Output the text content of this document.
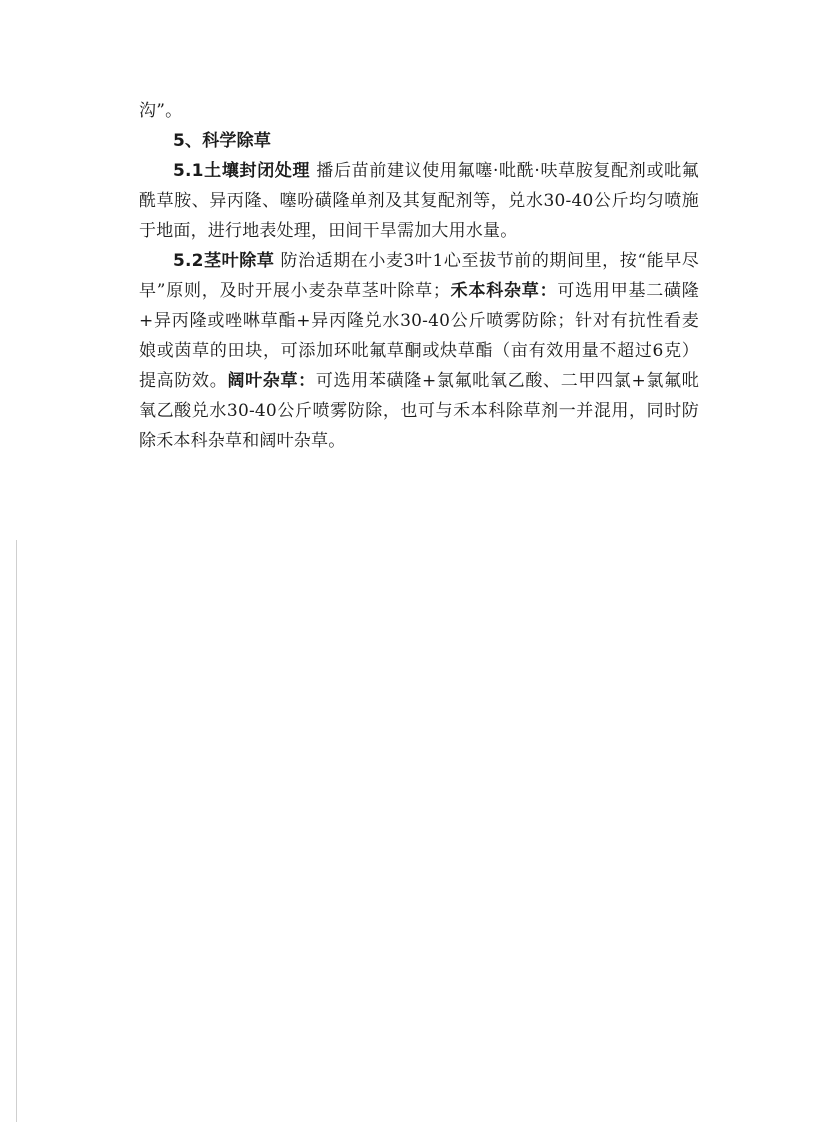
沟”。

5、科学除草

5.1土壤封闭处理 播后苗前建议使用氟噻·吡酰·呋草胺复配剂或吡氟酰草胺、异丙隆、噻吩磺隆单剂及其复配剂等，兑水30-40公斤均匀喷施于地面，进行地表处理，田间干旱需加大用水量。

5.2茎叶除草 防治适期在小麦3叶1心至拔节前的期间里，按“能早尽早”原则，及时开展小麦杂草茎叶除草；禾本科杂草：可选用甲基二磺隆+异丙隆或唑啉草酯+异丙隆兑水30-40公斤喷雾防除；针对有抗性看麦娘或茵草的田块，可添加环吡氟草酮或炔草酯（亩有效用量不超过6克）提高防效。阔叶杂草：可选用苯磺隆+氯氟吡氧乙酸、二甲四氯+氯氟吡氧乙酸兑水30-40公斤喷雾防除，也可与禾本科除草剂一并混用，同时防除禾本科杂草和阔叶杂草。
